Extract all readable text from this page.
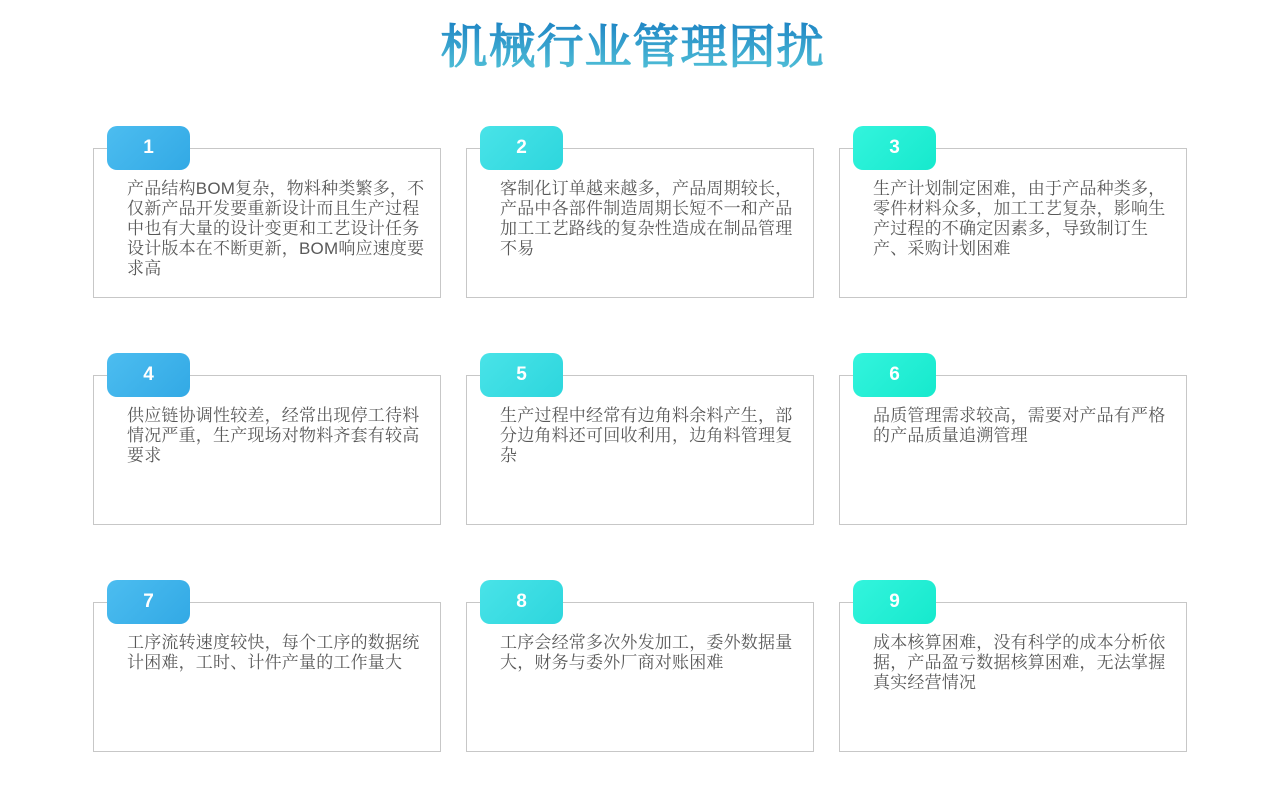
机械行业管理困扰
1

产品结构BOM复杂，物料种类繁多，不仅新产品开发要重新设计而且生产过程中也有大量的设计变更和工艺设计任务设计版本在不断更新，BOM响应速度要求高

2

客制化订单越来越多，产品周期较长，产品中各部件制造周期长短不一和产品加工工艺路线的复杂性造成在制品管理不易

3

生产计划制定困难，由于产品种类多，零件材料众多，加工工艺复杂，影响生产过程的不确定因素多，导致制订生产、采购计划困难

4

供应链协调性较差，经常出现停工待料情况严重，生产现场对物料齐套有较高要求

5

生产过程中经常有边角料余料产生，部分边角料还可回收利用，边角料管理复杂

6

品质管理需求较高，需要对产品有严格的产品质量追溯管理

7

工序流转速度较快，每个工序的数据统计困难，工时、计件产量的工作量大

8

工序会经常多次外发加工，委外数据量大，财务与委外厂商对账困难

9

成本核算困难，没有科学的成本分析依据，产品盈亏数据核算困难，无法掌握真实经营情况
